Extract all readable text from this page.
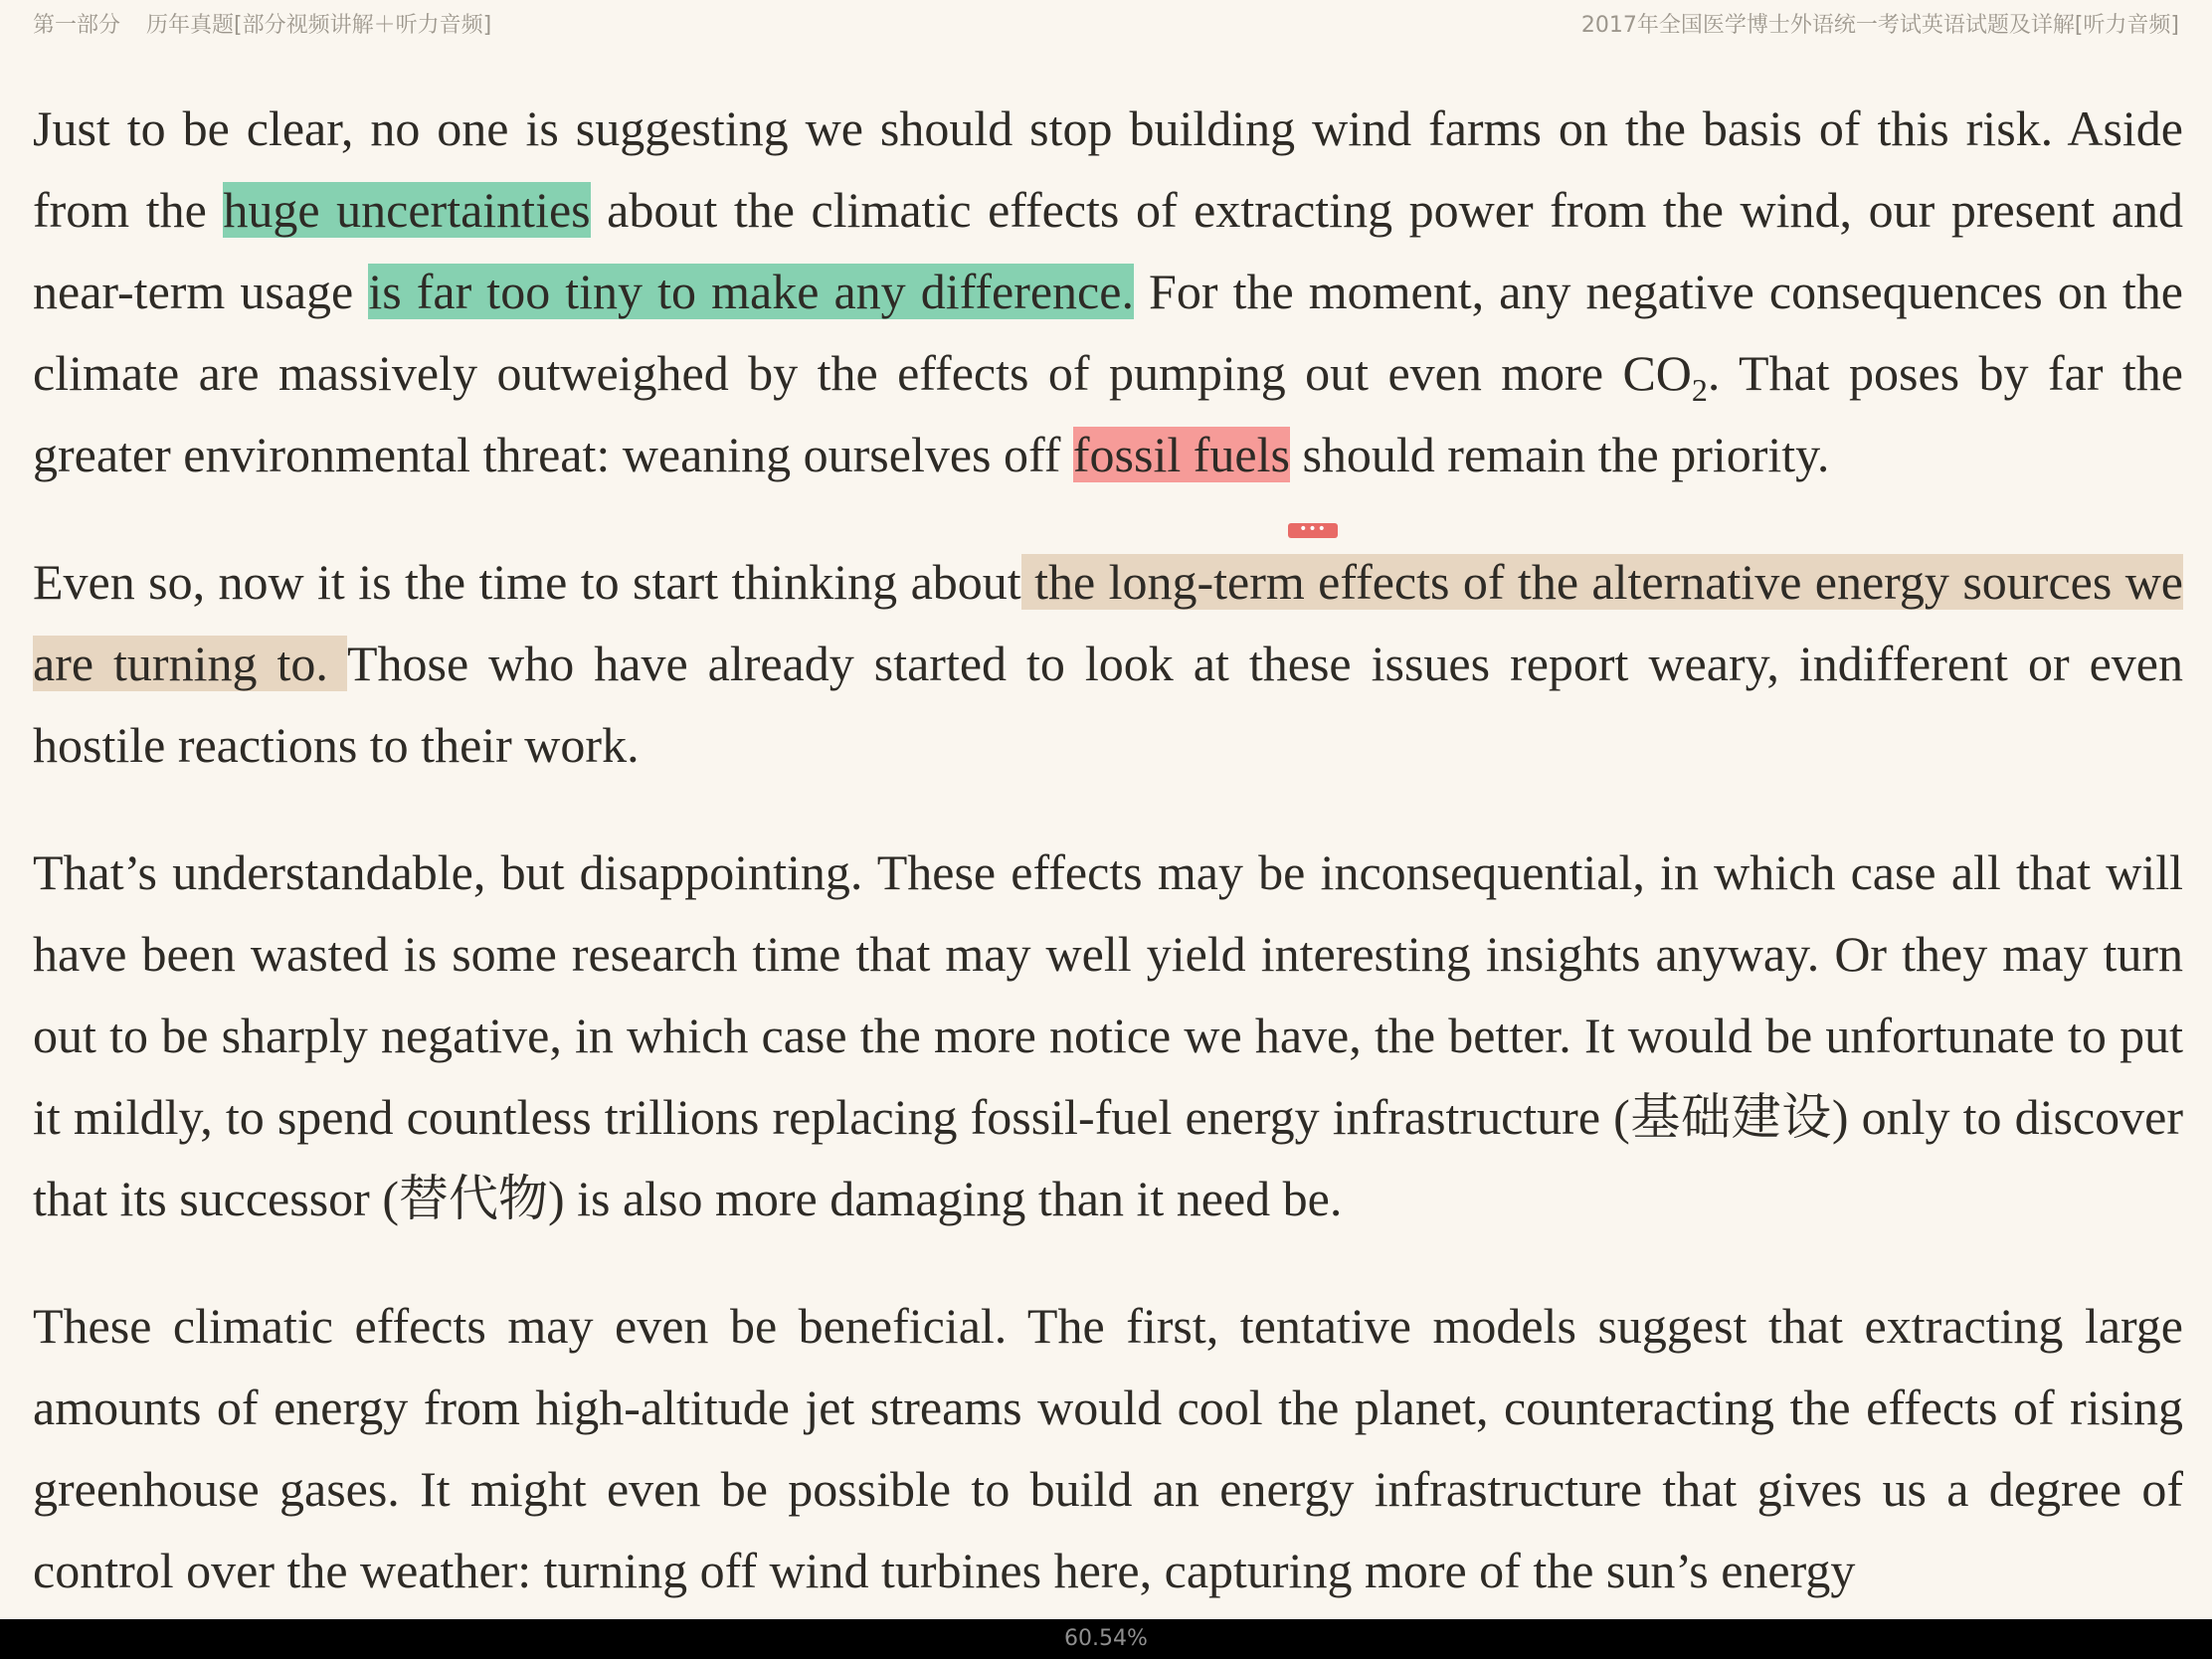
第一部分 历年真题[部分视频讲解＋听力音频]	2017年全国医学博士外语统一考试英语试题及详解[听力音频]

Just to be clear, no one is suggesting we should stop building wind farms on the basis of this risk. Aside from the huge uncertainties about the climatic effects of extracting power from the wind, our present and near-term usage is far too tiny to make any difference. For the moment, any negative consequences on the climate are massively outweighed by the effects of pumping out even more $CO_2$. That poses by far the greater environmental threat: weaning ourselves off fossil fuels
•••
should remain the priority.

Even so, now it is the time to start thinking about the long-term effects of the alternative energy sources we are turning to. Those who have already started to look at these issues report weary, indifferent or even hostile reactions to their work.

That’s understandable, but disappointing. These effects may be inconsequential, in which case all that will have been wasted is some research time that may well yield interesting insights anyway. Or they may turn out to be sharply negative, in which case the more notice we have, the better. It would be unfortunate to put it mildly, to spend countless trillions replacing fossil-fuel energy infrastructure (基础建设) only to discover that its successor (替代物) is also more damaging than it need be.

These climatic effects may even be beneficial. The first, tentative models suggest that extracting large amounts of energy from high-altitude jet streams would cool the planet, counteracting the effects of rising greenhouse gases. It might even be possible to build an energy infrastructure that gives us a degree of control over the weather: turning off wind turbines here, capturing more of the sun’s energy

60.54%
